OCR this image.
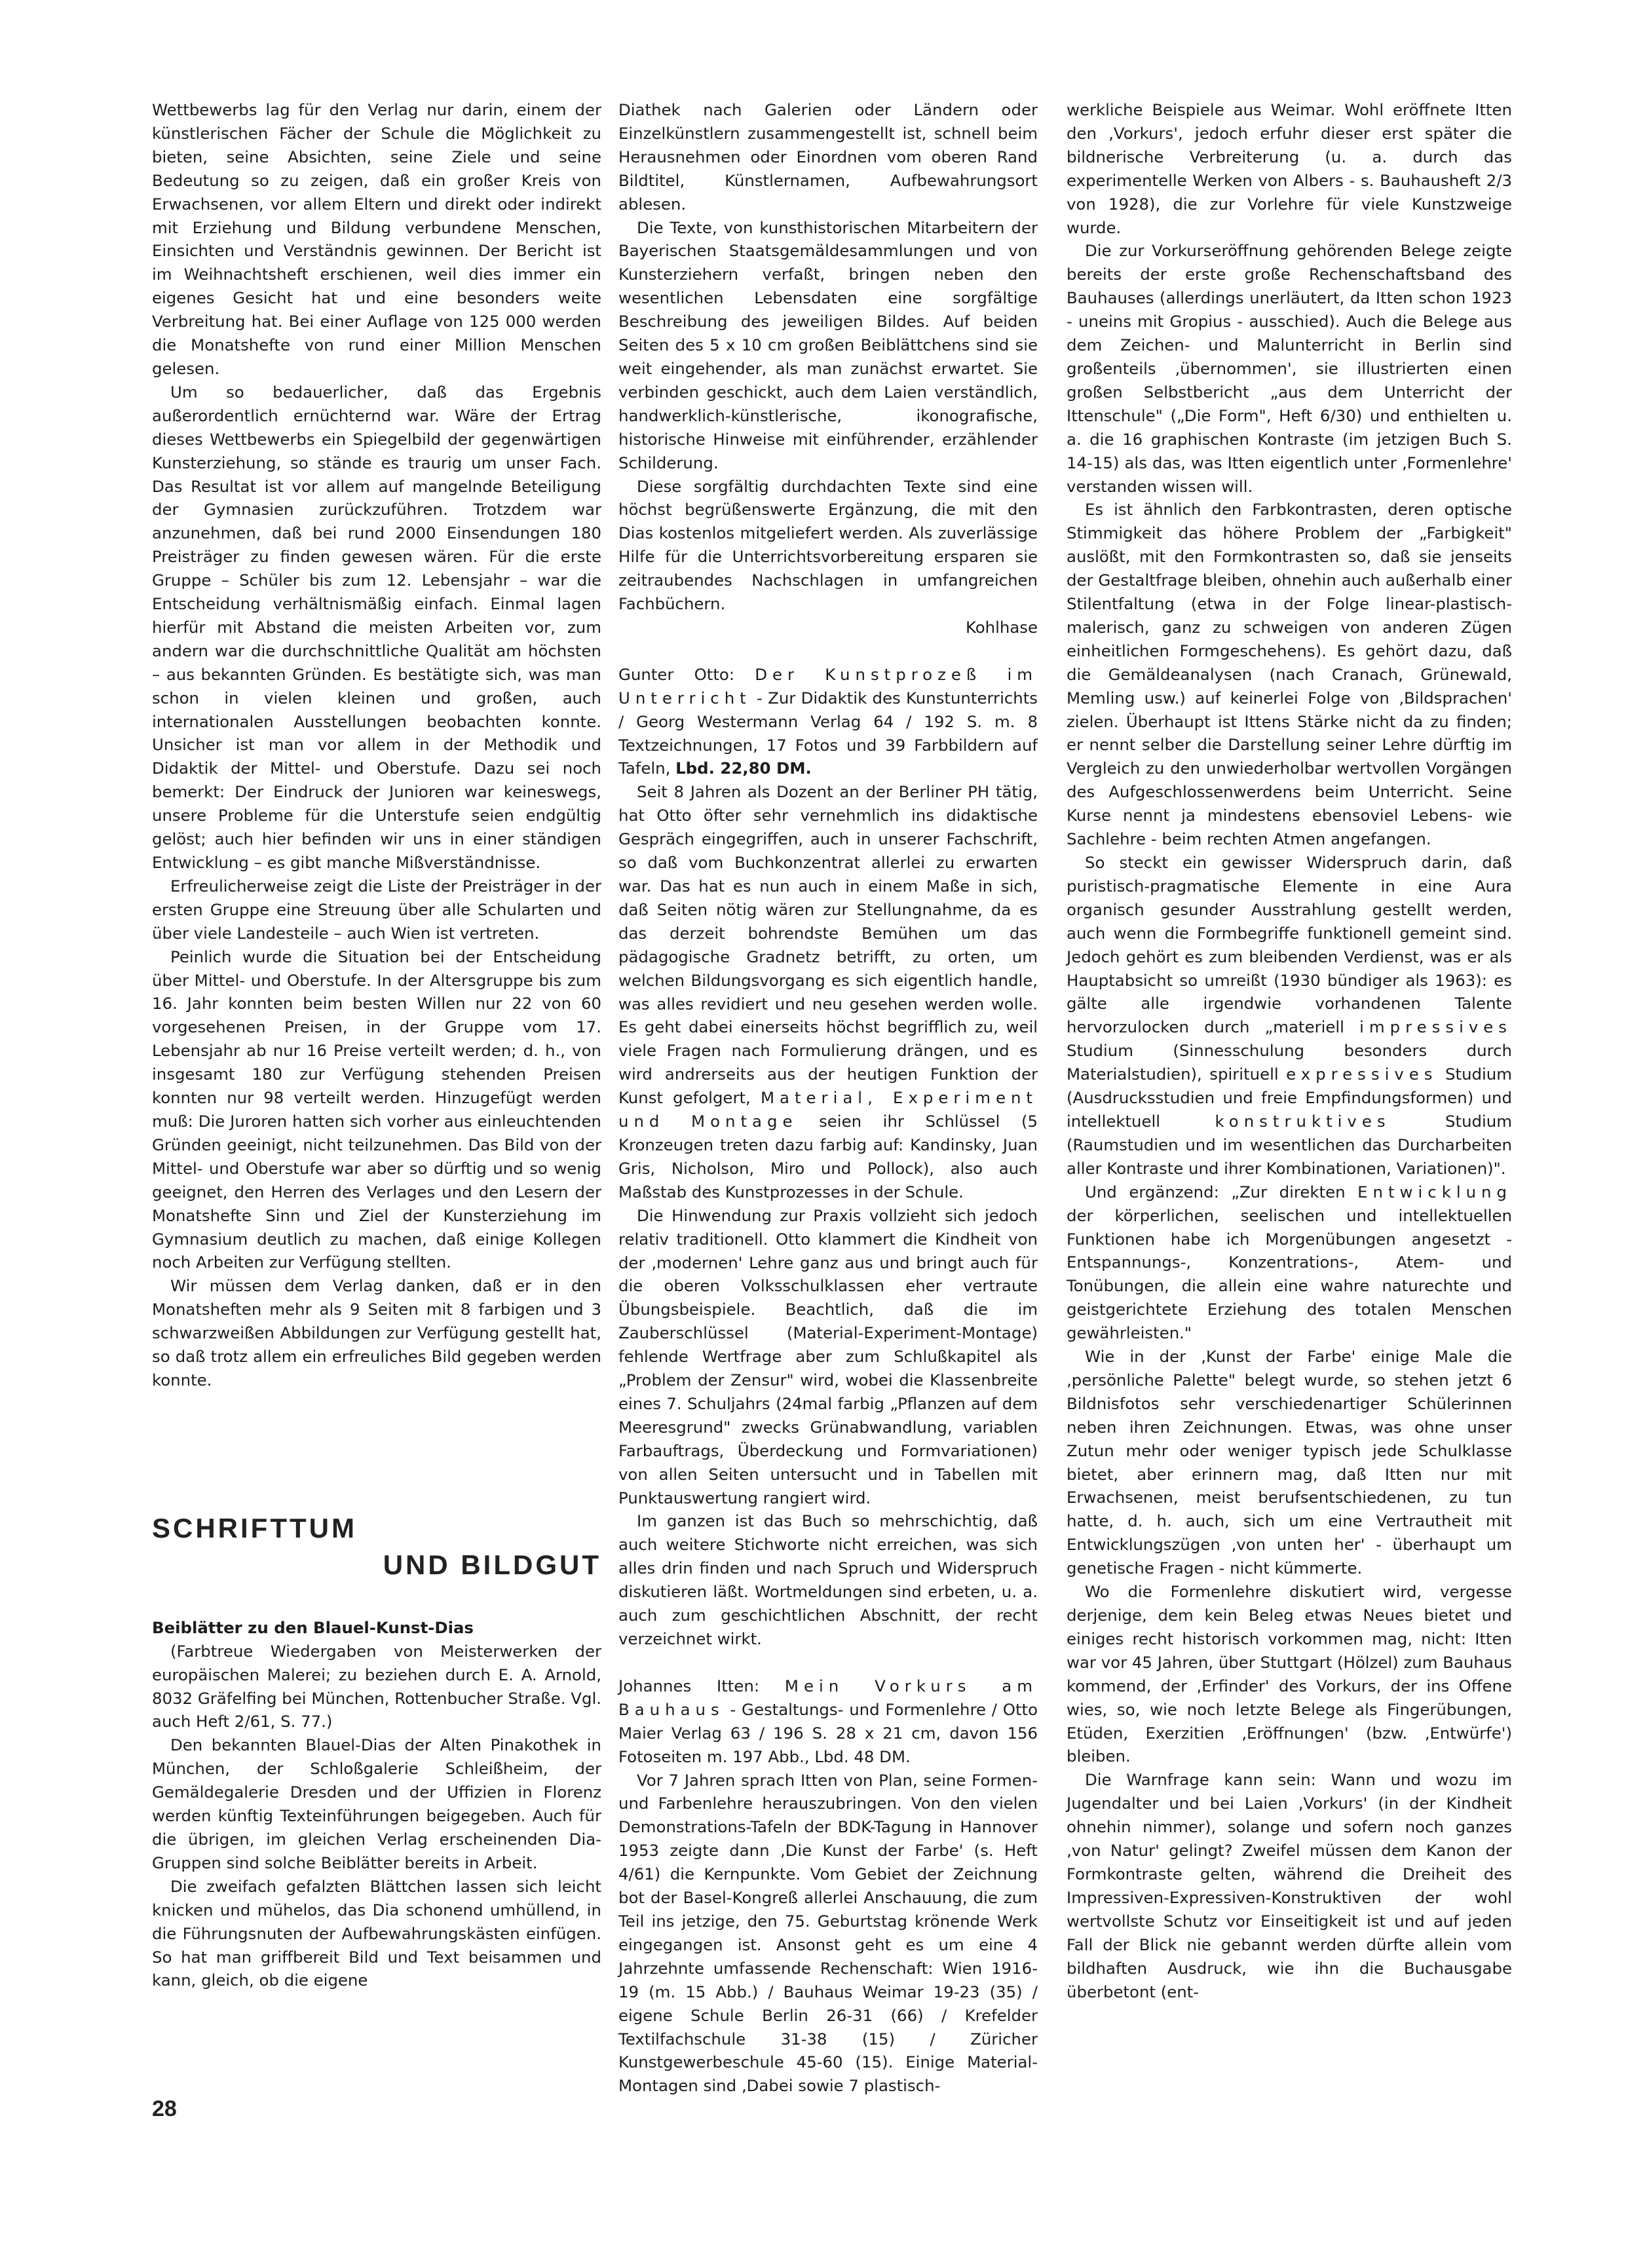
Wettbewerbs lag für den Verlag nur darin, einem der künstlerischen Fächer der Schule die Möglichkeit zu bieten, seine Absichten, seine Ziele und seine Bedeutung so zu zeigen, daß ein großer Kreis von Erwachsenen, vor allem Eltern und direkt oder indirekt mit Erziehung und Bildung verbundene Menschen, Einsichten und Verständnis gewinnen. Der Bericht ist im Weihnachtsheft erschienen, weil dies immer ein eigenes Gesicht hat und eine besonders weite Verbreitung hat. Bei einer Auflage von 125 000 werden die Monatshefte von rund einer Million Menschen gelesen.

Um so bedauerlicher, daß das Ergebnis außerordentlich ernüchternd war. Wäre der Ertrag dieses Wettbewerbs ein Spiegelbild der gegenwärtigen Kunsterziehung, so stände es traurig um unser Fach. Das Resultat ist vor allem auf mangelnde Beteiligung der Gymnasien zurückzuführen. Trotzdem war anzunehmen, daß bei rund 2000 Einsendungen 180 Preisträger zu finden gewesen wären. Für die erste Gruppe – Schüler bis zum 12. Lebensjahr – war die Entscheidung verhältnismäßig einfach. Einmal lagen hierfür mit Abstand die meisten Arbeiten vor, zum andern war die durchschnittliche Qualität am höchsten – aus bekannten Gründen. Es bestätigte sich, was man schon in vielen kleinen und großen, auch internationalen Ausstellungen beobachten konnte. Unsicher ist man vor allem in der Methodik und Didaktik der Mittel- und Oberstufe. Dazu sei noch bemerkt: Der Eindruck der Junioren war keineswegs, unsere Probleme für die Unterstufe seien endgültig gelöst; auch hier befinden wir uns in einer ständigen Entwicklung – es gibt manche Mißverständnisse.

Erfreulicherweise zeigt die Liste der Preisträger in der ersten Gruppe eine Streuung über alle Schularten und über viele Landesteile – auch Wien ist vertreten.

Peinlich wurde die Situation bei der Entscheidung über Mittel- und Oberstufe. In der Altersgruppe bis zum 16. Jahr konnten beim besten Willen nur 22 von 60 vorgesehenen Preisen, in der Gruppe vom 17. Lebensjahr ab nur 16 Preise verteilt werden; d. h., von insgesamt 180 zur Verfügung stehenden Preisen konnten nur 98 verteilt werden. Hinzugefügt werden muß: Die Juroren hatten sich vorher aus einleuchtenden Gründen geeinigt, nicht teilzunehmen. Das Bild von der Mittel- und Oberstufe war aber so dürftig und so wenig geeignet, den Herren des Verlages und den Lesern der Monatshefte Sinn und Ziel der Kunsterziehung im Gymnasium deutlich zu machen, daß einige Kollegen noch Arbeiten zur Verfügung stellten.

Wir müssen dem Verlag danken, daß er in den Monatsheften mehr als 9 Seiten mit 8 farbigen und 3 schwarzweißen Abbildungen zur Verfügung gestellt hat, so daß trotz allem ein erfreuliches Bild gegeben werden konnte.

SCHRIFTTUM
UND BILDGUT

Beiblätter zu den Blauel-Kunst-Dias

(Farbtreue Wiedergaben von Meisterwerken der europäischen Malerei; zu beziehen durch E. A. Arnold, 8032 Gräfelfing bei München, Rottenbucher Straße. Vgl. auch Heft 2/61, S. 77.)

Den bekannten Blauel-Dias der Alten Pinakothek in München, der Schloßgalerie Schleißheim, der Gemäldegalerie Dresden und der Uffizien in Florenz werden künftig Texteinführungen beigegeben. Auch für die übrigen, im gleichen Verlag erscheinenden Dia-Gruppen sind solche Beiblätter bereits in Arbeit.

Die zweifach gefalzten Blättchen lassen sich leicht knicken und mühelos, das Dia schonend umhüllend, in die Führungsnuten der Aufbewahrungskästen einfügen. So hat man griffbereit Bild und Text beisammen und kann, gleich, ob die eigene

Diathek nach Galerien oder Ländern oder Einzelkünstlern zusammengestellt ist, schnell beim Herausnehmen oder Einordnen vom oberen Rand Bildtitel, Künstlernamen, Aufbewahrungsort ablesen.

Die Texte, von kunsthistorischen Mitarbeitern der Bayerischen Staatsgemäldesammlungen und von Kunsterziehern verfaßt, bringen neben den wesentlichen Lebensdaten eine sorgfältige Beschreibung des jeweiligen Bildes. Auf beiden Seiten des 5 x 10 cm großen Beiblättchens sind sie weit eingehender, als man zunächst erwartet. Sie verbinden geschickt, auch dem Laien verständlich, handwerklich-künstlerische, ikonografische, historische Hinweise mit einführender, erzählender Schilderung.

Diese sorgfältig durchdachten Texte sind eine höchst begrüßenswerte Ergänzung, die mit den Dias kostenlos mitgeliefert werden. Als zuverlässige Hilfe für die Unterrichtsvorbereitung ersparen sie zeitraubendes Nachschlagen in umfangreichen Fachbüchern.

Kohlhase

Gunter Otto: Der Kunstprozeß im Unterricht - Zur Didaktik des Kunstunterrichts / Georg Westermann Verlag 64 / 192 S. m. 8 Textzeichnungen, 17 Fotos und 39 Farbbildern auf Tafeln, Lbd. 22,80 DM.

Seit 8 Jahren als Dozent an der Berliner PH tätig, hat Otto öfter sehr vernehmlich ins didaktische Gespräch eingegriffen, auch in unserer Fachschrift, so daß vom Buchkonzentrat allerlei zu erwarten war. Das hat es nun auch in einem Maße in sich, daß Seiten nötig wären zur Stellungnahme, da es das derzeit bohrendste Bemühen um das pädagogische Gradnetz betrifft, zu orten, um welchen Bildungsvorgang es sich eigentlich handle, was alles revidiert und neu gesehen werden wolle. Es geht dabei einerseits höchst begrifflich zu, weil viele Fragen nach Formulierung drängen, und es wird andrerseits aus der heutigen Funktion der Kunst gefolgert, Material, Experiment und Montage seien ihr Schlüssel (5 Kronzeugen treten dazu farbig auf: Kandinsky, Juan Gris, Nicholson, Miro und Pollock), also auch Maßstab des Kunstprozesses in der Schule.

Die Hinwendung zur Praxis vollzieht sich jedoch relativ traditionell. Otto klammert die Kindheit von der ‚modernen' Lehre ganz aus und bringt auch für die oberen Volksschulklassen eher vertraute Übungsbeispiele. Beachtlich, daß die im Zauberschlüssel (Material-Experiment-Montage) fehlende Wertfrage aber zum Schlußkapitel als „Problem der Zensur" wird, wobei die Klassenbreite eines 7. Schuljahrs (24mal farbig „Pflanzen auf dem Meeresgrund" zwecks Grünabwandlung, variablen Farbauftrags, Überdeckung und Formvariationen) von allen Seiten untersucht und in Tabellen mit Punktauswertung rangiert wird.

Im ganzen ist das Buch so mehrschichtig, daß auch weitere Stichworte nicht erreichen, was sich alles drin finden und nach Spruch und Widerspruch diskutieren läßt. Wortmeldungen sind erbeten, u. a. auch zum geschichtlichen Abschnitt, der recht verzeichnet wirkt.

Johannes Itten: Mein Vorkurs am Bauhaus - Gestaltungs- und Formenlehre / Otto Maier Verlag 63 / 196 S. 28 x 21 cm, davon 156 Fotoseiten m. 197 Abb., Lbd. 48 DM.

Vor 7 Jahren sprach Itten von Plan, seine Formen- und Farbenlehre herauszubringen. Von den vielen Demonstrations-Tafeln der BDK-Tagung in Hannover 1953 zeigte dann ‚Die Kunst der Farbe' (s. Heft 4/61) die Kernpunkte. Vom Gebiet der Zeichnung bot der Basel-Kongreß allerlei Anschauung, die zum Teil ins jetzige, den 75. Geburtstag krönende Werk eingegangen ist. Ansonst geht es um eine 4 Jahrzehnte umfassende Rechenschaft: Wien 1916-19 (m. 15 Abb.) / Bauhaus Weimar 19-23 (35) / eigene Schule Berlin 26-31 (66) / Krefelder Textilfachschule 31-38 (15) / Züricher Kunstgewerbeschule 45-60 (15). Einige Material-Montagen sind ‚Dabei sowie 7 plastisch-

werkliche Beispiele aus Weimar. Wohl eröffnete Itten den ‚Vorkurs', jedoch erfuhr dieser erst später die bildnerische Verbreiterung (u. a. durch das experimentelle Werken von Albers - s. Bauhausheft 2/3 von 1928), die zur Vorlehre für viele Kunstzweige wurde.

Die zur Vorkurseröffnung gehörenden Belege zeigte bereits der erste große Rechenschaftsband des Bauhauses (allerdings unerläutert, da Itten schon 1923 - uneins mit Gropius - ausschied). Auch die Belege aus dem Zeichen- und Malunterricht in Berlin sind großenteils ‚übernommen', sie illustrierten einen großen Selbstbericht „aus dem Unterricht der Ittenschule" („Die Form", Heft 6/30) und enthielten u. a. die 16 graphischen Kontraste (im jetzigen Buch S. 14-15) als das, was Itten eigentlich unter ‚Formenlehre' verstanden wissen will.

Es ist ähnlich den Farbkontrasten, deren optische Stimmigkeit das höhere Problem der „Farbigkeit" auslößt, mit den Formkontrasten so, daß sie jenseits der Gestaltfrage bleiben, ohnehin auch außerhalb einer Stilentfaltung (etwa in der Folge linear-plastisch-malerisch, ganz zu schweigen von anderen Zügen einheitlichen Formgeschehens). Es gehört dazu, daß die Gemäldeanalysen (nach Cranach, Grünewald, Memling usw.) auf keinerlei Folge von ‚Bildsprachen' zielen. Überhaupt ist Ittens Stärke nicht da zu finden; er nennt selber die Darstellung seiner Lehre dürftig im Vergleich zu den unwiederholbar wertvollen Vorgängen des Aufgeschlossenwerdens beim Unterricht. Seine Kurse nennt ja mindestens ebensoviel Lebens- wie Sachlehre - beim rechten Atmen angefangen.

So steckt ein gewisser Widerspruch darin, daß puristisch-pragmatische Elemente in eine Aura organisch gesunder Ausstrahlung gestellt werden, auch wenn die Formbegriffe funktionell gemeint sind. Jedoch gehört es zum bleibenden Verdienst, was er als Hauptabsicht so umreißt (1930 bündiger als 1963): es gälte alle irgendwie vorhandenen Talente hervorzulocken durch „materiell impressives Studium (Sinnesschulung besonders durch Materialstudien), spirituell expressives Studium (Ausdrucksstudien und freie Empfindungsformen) und intellektuell konstruktives Studium (Raumstudien und im wesentlichen das Durcharbeiten aller Kontraste und ihrer Kombinationen, Variationen)".

Und ergänzend: „Zur direkten Entwicklung der körperlichen, seelischen und intellektuellen Funktionen habe ich Morgenübungen angesetzt - Entspannungs-, Konzentrations-, Atem- und Tonübungen, die allein eine wahre naturechte und geistgerichtete Erziehung des totalen Menschen gewährleisten."

Wie in der ‚Kunst der Farbe' einige Male die ‚persönliche Palette" belegt wurde, so stehen jetzt 6 Bildnisfotos sehr verschiedenartiger Schülerinnen neben ihren Zeichnungen. Etwas, was ohne unser Zutun mehr oder weniger typisch jede Schulklasse bietet, aber erinnern mag, daß Itten nur mit Erwachsenen, meist berufsentschiedenen, zu tun hatte, d. h. auch, sich um eine Vertrautheit mit Entwicklungszügen ‚von unten her' - überhaupt um genetische Fragen - nicht kümmerte.

Wo die Formenlehre diskutiert wird, vergesse derjenige, dem kein Beleg etwas Neues bietet und einiges recht historisch vorkommen mag, nicht: Itten war vor 45 Jahren, über Stuttgart (Hölzel) zum Bauhaus kommend, der ‚Erfinder' des Vorkurs, der ins Offene wies, so, wie noch letzte Belege als Fingerübungen, Etüden, Exerzitien ‚Eröffnungen' (bzw. ‚Entwürfe') bleiben.

Die Warnfrage kann sein: Wann und wozu im Jugendalter und bei Laien ‚Vorkurs' (in der Kindheit ohnehin nimmer), solange und sofern noch ganzes ‚von Natur' gelingt? Zweifel müssen dem Kanon der Formkontraste gelten, während die Dreiheit des Impressiven-Expressiven-Konstruktiven der wohl wertvollste Schutz vor Einseitigkeit ist und auf jeden Fall der Blick nie gebannt werden dürfte allein vom bildhaften Ausdruck, wie ihn die Buchausgabe überbetont (ent-

28
